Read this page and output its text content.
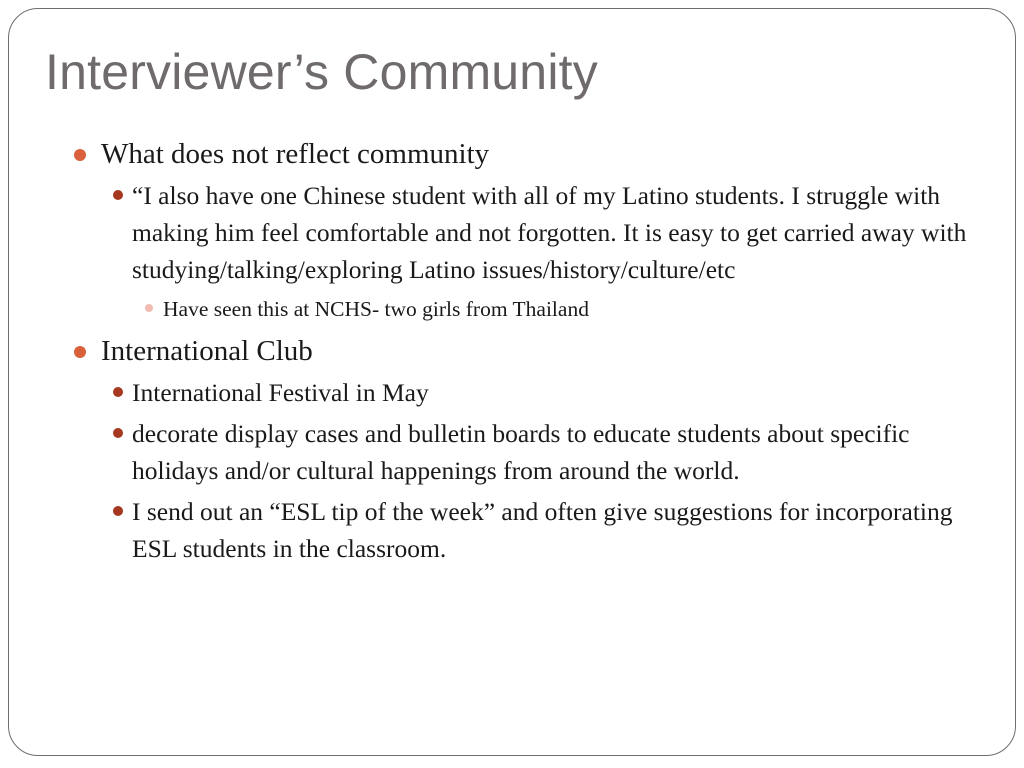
Interviewer’s Community
What does not reflect community
“I also have one Chinese student with all of my Latino students. I struggle with making him feel comfortable and not forgotten. It is easy to get carried away with studying/talking/exploring Latino issues/history/culture/etc
Have seen this at NCHS- two girls from Thailand
International Club
International Festival in May
decorate display cases and bulletin boards to educate students about specific holidays and/or cultural happenings from around the world.
I send out an “ESL tip of the week” and often give suggestions for incorporating ESL students in the classroom.
